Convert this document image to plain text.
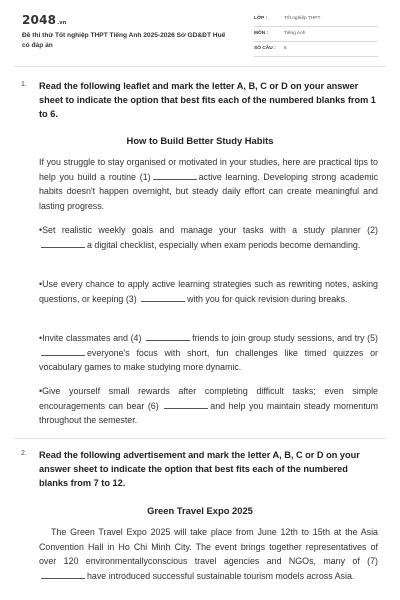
2048.vn
Đề thi thử Tốt nghiệp THPT Tiếng Anh 2025-2026 Sở GD&ĐT Huế có đáp án
LỚP :	Tốt nghiệp THPT
MÔN :	Tiếng Anh
SỐ CÂU : 6
1. Read the following leaflet and mark the letter A, B, C or D on your answer sheet to indicate the option that best fits each of the numbered blanks from 1 to 6.
How to Build Better Study Habits
If you struggle to stay organised or motivated in your studies, here are practical tips to help you build a routine (1)	active learning. Developing strong academic habits doesn't happen overnight, but steady daily effort can create meaningful and lasting progress.
•Set realistic weekly goals and manage your tasks with a study planner (2) a digital checklist, especially when exam periods become demanding.
•Use every chance to apply active learning strategies such as rewriting notes, asking questions, or keeping (3)	with you for quick revision during breaks.
•Invite classmates and (4)	friends to join group study sessions, and try (5) everyone's focus with short, fun challenges like timed quizzes or vocabulary games to make studying more dynamic.
•Give yourself small rewards after completing difficult tasks; even simple encouragements can bear (6)	and help you maintain steady momentum throughout the semester.
2. Read the following advertisement and mark the letter A, B, C or D on your answer sheet to indicate the option that best fits each of the numbered blanks from 7 to 12.
Green Travel Expo 2025
The Green Travel Expo 2025 will take place from June 12th to 15th at the Asia Convention Hall in Ho Chi Minh City. The event brings together representatives of over 120 environmentallyconscious travel agencies and NGOs, many of (7) have introduced successful sustainable tourism models across Asia.
